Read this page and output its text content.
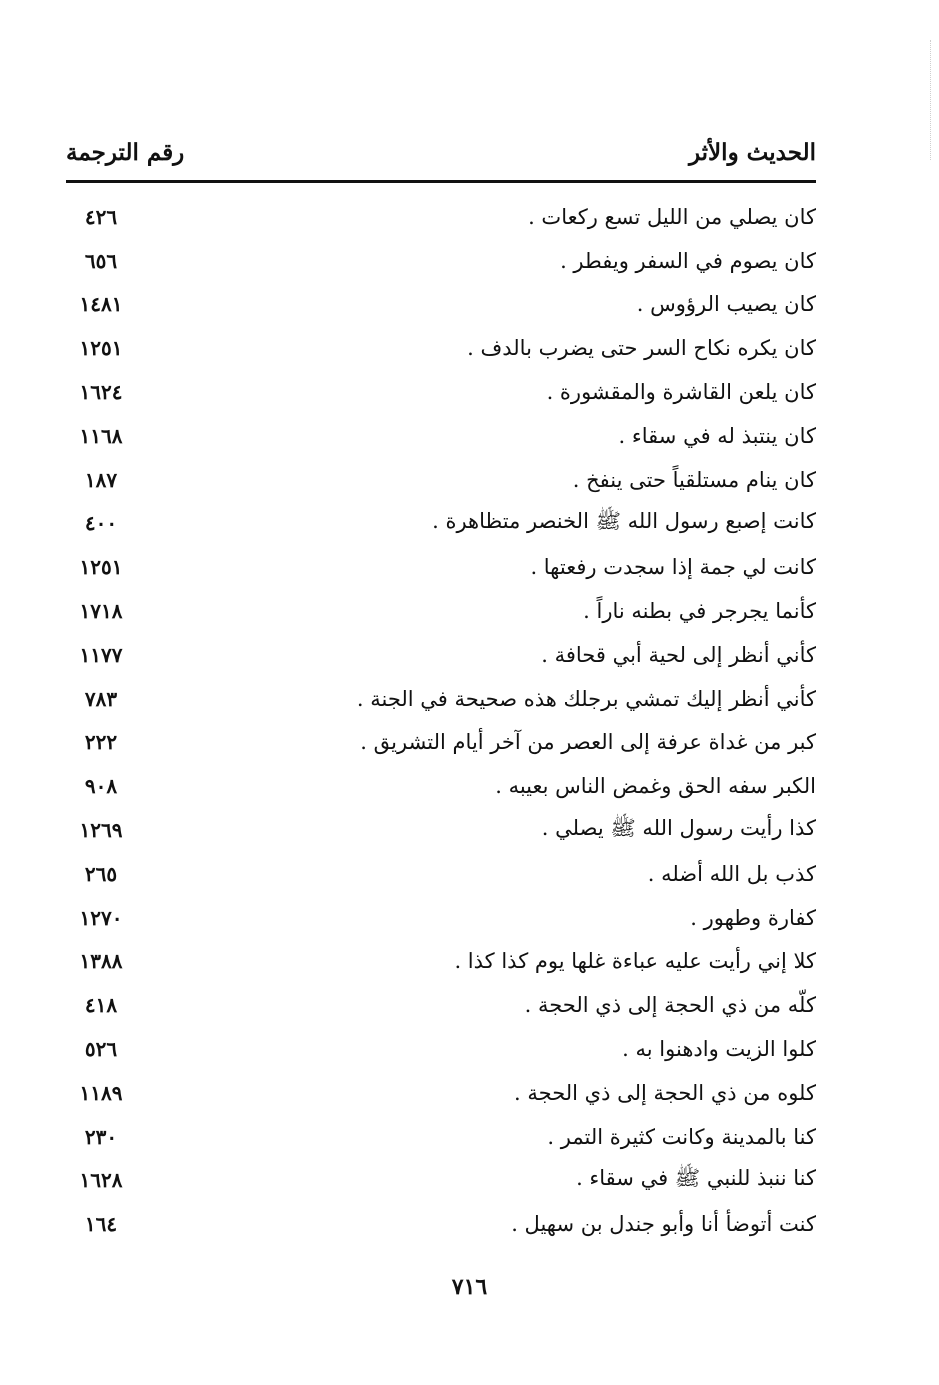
الحديث والأثر
رقم الترجمة
كان يصلي من الليل تسع ركعات .
٤٢٦
كان يصوم في السفر ويفطر .
٦٥٦
كان يصيب الرؤوس .
١٤٨١
كان يكره نكاح السر حتى يضرب بالدف .
١٢٥١
كان يلعن القاشرة والمقشورة .
١٦٢٤
كان ينتبذ له في سقاء .
١١٦٨
كان ينام مستلقياً حتى ينفخ .
١٨٧
كانت إصبع رسول الله ﷺ الخنصر متظاهرة .
٤٠٠
كانت لي جمة إذا سجدت رفعتها .
١٢٥١
كأنما يجرجر في بطنه ناراً .
١٧١٨
كأني أنظر إلى لحية أبي قحافة .
١١٧٧
كأني أنظر إليك تمشي برجلك هذه صحيحة في الجنة .
٧٨٣
كبر من غداة عرفة إلى العصر من آخر أيام التشريق .
٢٢٢
الكبر سفه الحق وغمض الناس بعيبه .
٩٠٨
كذا رأيت رسول الله ﷺ يصلي .
١٢٦٩
كذب بل الله أضله .
٢٦٥
كفارة وطهور .
١٢٧٠
كلا إني رأيت عليه عباءة غلها يوم كذا كذا .
١٣٨٨
كلّه من ذي الحجة إلى ذي الحجة .
٤١٨
كلوا الزيت وادهنوا به .
٥٢٦
كلوه من ذي الحجة إلى ذي الحجة .
١١٨٩
كنا بالمدينة وكانت كثيرة التمر .
٢٣٠
كنا ننبذ للنبي ﷺ في سقاء .
١٦٢٨
كنت أتوضأ أنا وأبو جندل بن سهيل .
١٦٤
٧١٦
